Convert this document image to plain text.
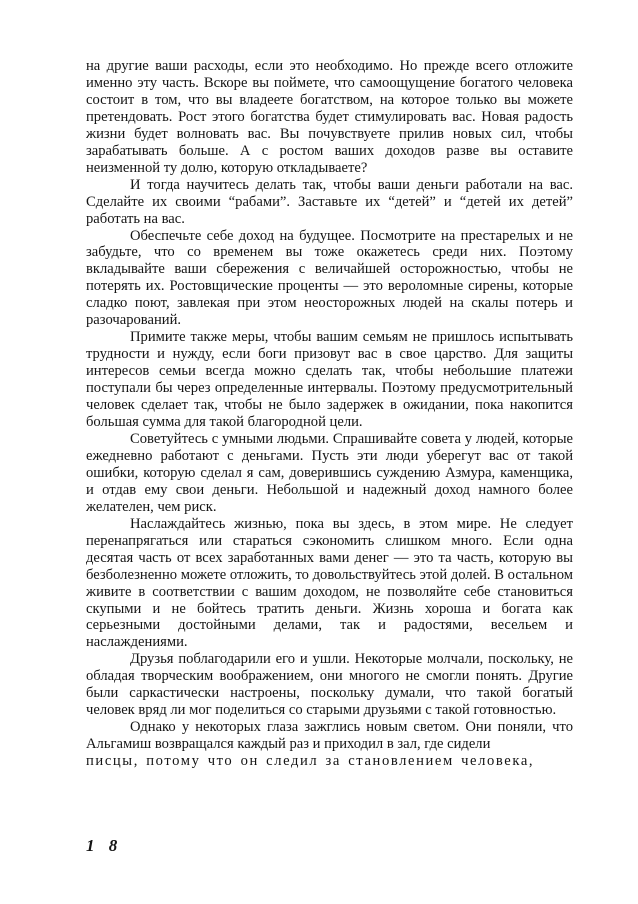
на другие ваши расходы, если это необходимо. Но прежде всего отложите именно эту часть. Вскоре вы поймете, что самоощущение богатого человека состоит в том, что вы владеете богатством, на которое только вы можете претендовать. Рост этого богатства будет стимулировать вас. Новая радость жизни будет волновать вас. Вы почувствуете прилив новых сил, чтобы зарабатывать больше. А с ростом ваших доходов разве вы оставите неизменной ту долю, которую откладываете?

И тогда научитесь делать так, чтобы ваши деньги работали на вас. Сделайте их своими “рабами”. Заставьте их “детей” и “детей их детей” работать на вас.

Обеспечьте себе доход на будущее. Посмотрите на престарелых и не забудьте, что со временем вы тоже окажетесь среди них. Поэтому вкладывайте ваши сбережения с величайшей осторожностью, чтобы не потерять их. Ростовщические проценты — это вероломные сирены, которые сладко поют, завлекая при этом неосторожных людей на скалы потерь и разочарований.

Примите также меры, чтобы вашим семьям не пришлось испытывать трудности и нужду, если боги призовут вас в свое царство. Для защиты интересов семьи всегда можно сделать так, чтобы небольшие платежи поступали бы через определенные интервалы. Поэтому предусмотрительный человек сделает так, чтобы не было задержек в ожидании, пока накопится большая сумма для такой благородной цели.

Советуйтесь с умными людьми. Спрашивайте совета у людей, которые ежедневно работают с деньгами. Пусть эти люди уберегут вас от такой ошибки, которую сделал я сам, доверившись суждению Азмура, каменщика, и отдав ему свои деньги. Небольшой и надежный доход намного более желателен, чем риск.

Наслаждайтесь жизнью, пока вы здесь, в этом мире. Не следует перенапрягаться или стараться сэкономить слишком много. Если одна десятая часть от всех заработанных вами денег — это та часть, которую вы безболезненно можете отложить, то довольствуйтесь этой долей. В остальном живите в соответствии с вашим доходом, не позволяйте себе становиться скупыми и не бойтесь тратить деньги. Жизнь хороша и богата как серьезными достойными делами, так и радостями, весельем и наслаждениями.

Друзья поблагодарили его и ушли. Некоторые молчали, поскольку, не обладая творческим воображением, они многого не смогли понять. Другие были саркастически настроены, поскольку думали, что такой богатый человек вряд ли мог поделиться со старыми друзьями с такой готовностью.

Однако у некоторых глаза зажглись новым светом. Они поняли, что Альгамиш возвращался каждый раз и приходил в зал, где сидели

писцы, потому что он следил за становлением человека,

1 8
